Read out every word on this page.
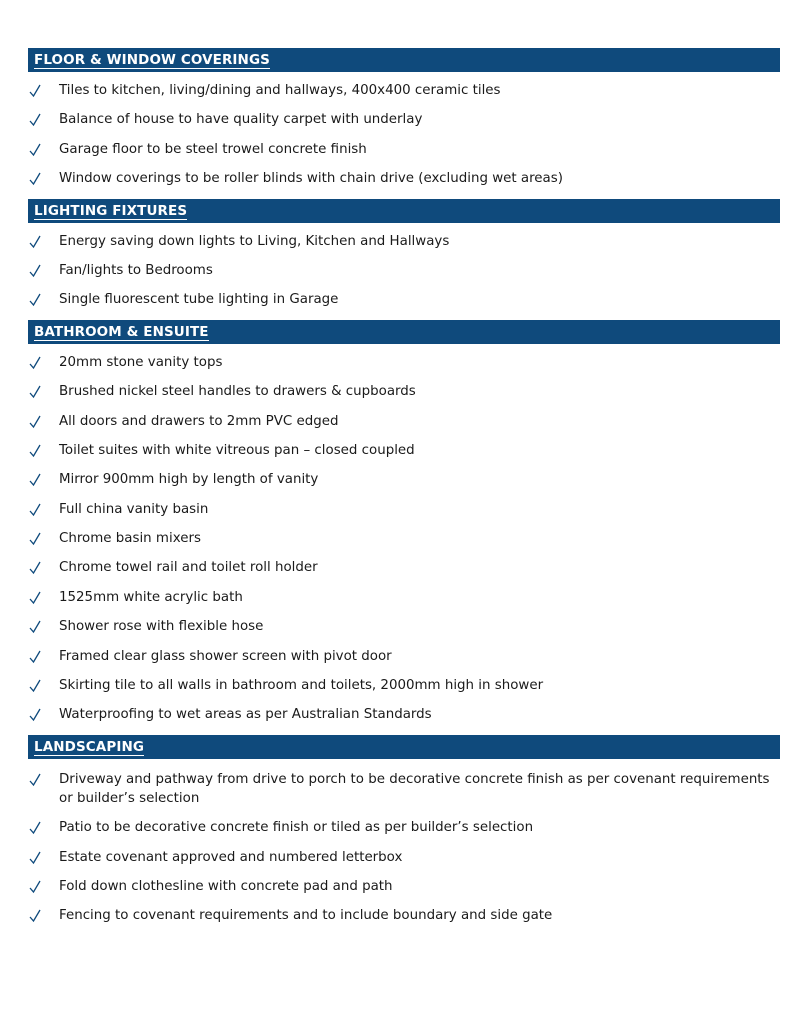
FLOOR & WINDOW COVERINGS
Tiles to kitchen, living/dining and hallways, 400x400 ceramic tiles
Balance of house to have quality carpet with underlay
Garage floor to be steel trowel concrete finish
Window coverings to be roller blinds with chain drive (excluding wet areas)
LIGHTING FIXTURES
Energy saving down lights to Living, Kitchen and Hallways
Fan/lights to Bedrooms
Single fluorescent tube lighting in Garage
BATHROOM & ENSUITE
20mm stone vanity tops
Brushed nickel steel handles to drawers & cupboards
All doors and drawers to 2mm PVC edged
Toilet suites with white vitreous pan – closed coupled
Mirror 900mm high by length of vanity
Full china vanity basin
Chrome basin mixers
Chrome towel rail and toilet roll holder
1525mm white acrylic bath
Shower rose with flexible hose
Framed clear glass shower screen with pivot door
Skirting tile to all walls in bathroom and toilets, 2000mm high in shower
Waterproofing to wet areas as per Australian Standards
LANDSCAPING
Driveway and pathway from drive to porch to be decorative concrete finish as per covenant requirements or builder’s selection
Patio to be decorative concrete finish or tiled as per builder’s selection
Estate covenant approved and numbered letterbox
Fold down clothesline with concrete pad and path
Fencing to covenant requirements and to include boundary and side gate
